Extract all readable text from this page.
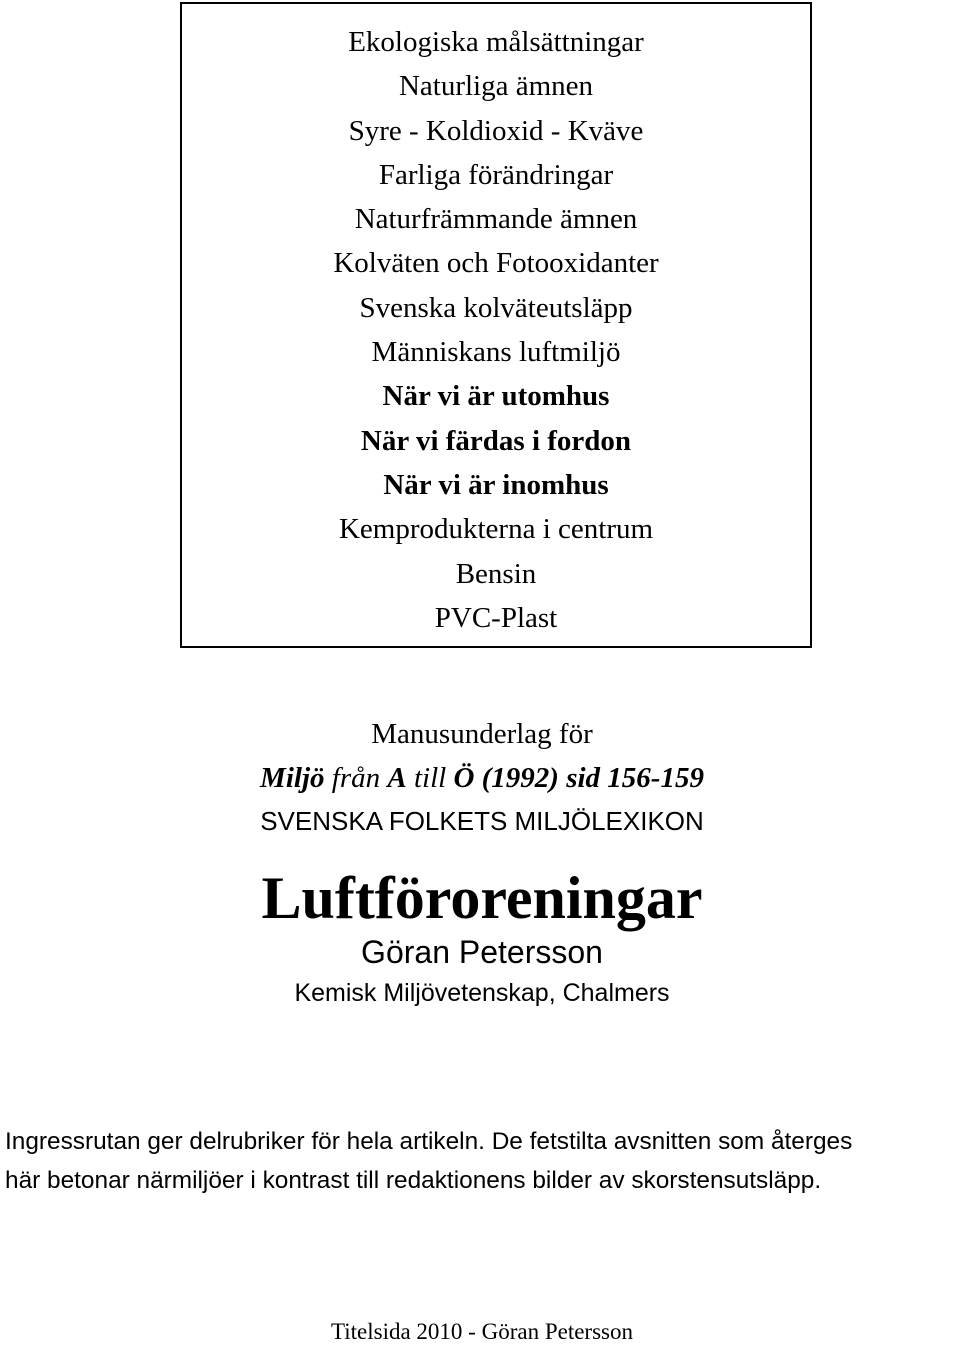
Ekologiska målsättningar
Naturliga ämnen
Syre - Koldioxid - Kväve
Farliga förändringar
Naturfrämmande ämnen
Kolväten och Fotooxidanter
Svenska kolväteutsläpp
Människans luftmiljö
När vi är utomhus
När vi färdas i fordon
När vi är inomhus
Kemprodukterna i centrum
Bensin
PVC-Plast
Manusunderlag för
Miljö från A till Ö (1992) sid 156-159
SVENSKA FOLKETS MILJÖLEXIKON
Luftföroreningar
Göran Petersson
Kemisk Miljövetenskap, Chalmers
Ingressrutan ger delrubriker för hela artikeln. De fetstilta avsnitten som återges
här betonar närmiljöer i kontrast till redaktionens bilder av skorstensutsläpp.
Titelsida 2010 - Göran Petersson
